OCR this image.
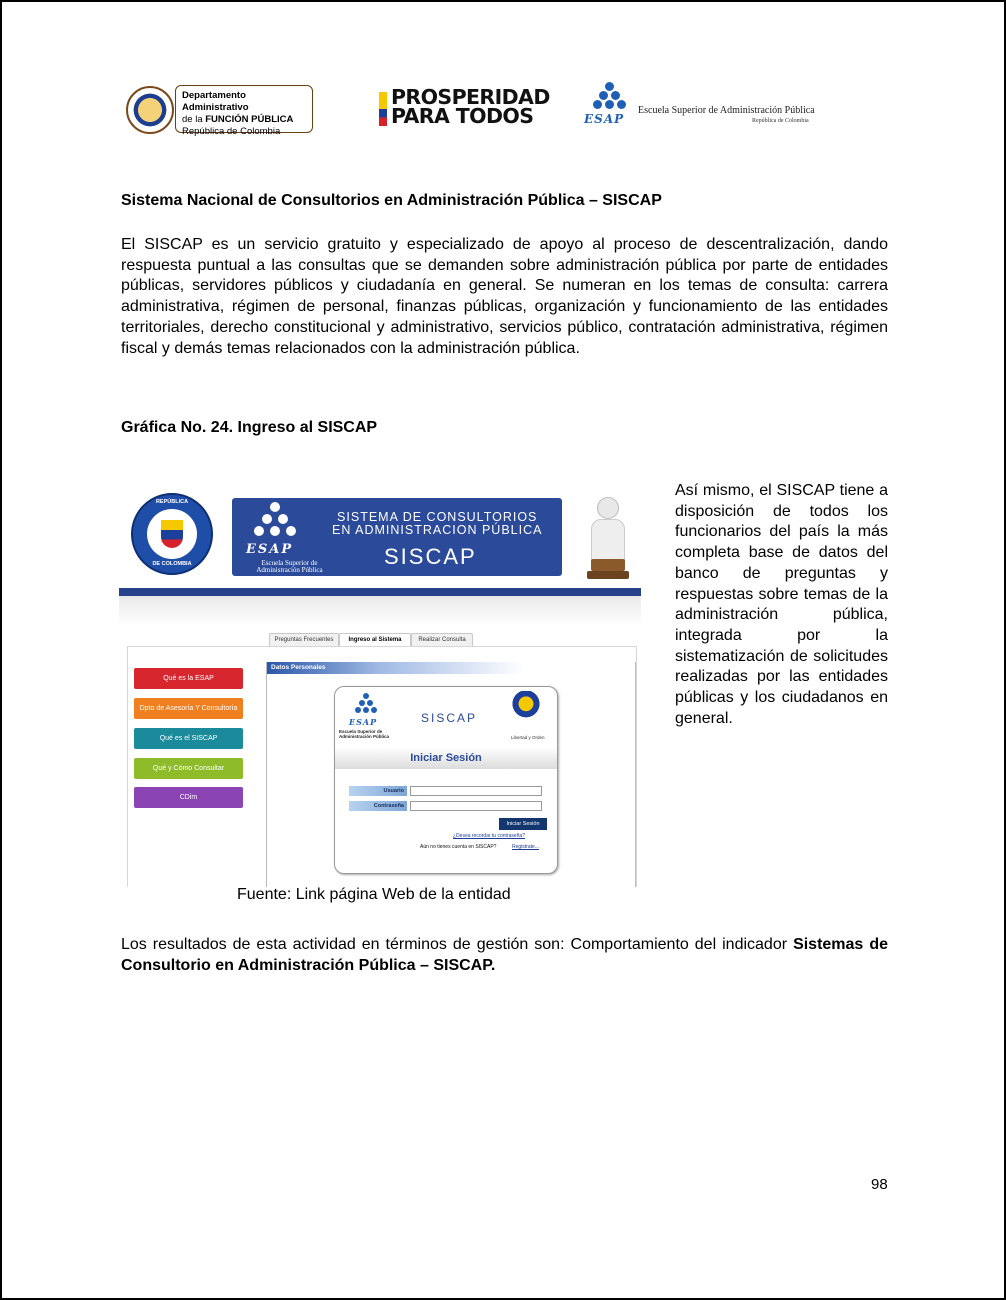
Departamento Administrativo
de la FUNCIÓN PÚBLICA
República de Colombia
PROSPERIDAD
PARA TODOS	ESAP
Escuela Superior de Administración Pública
República de Colombia
Sistema Nacional de Consultorios en Administración Pública – SISCAP
El SISCAP es un servicio gratuito y especializado de apoyo al proceso de descentralización, dando respuesta puntual a las consultas que se demanden sobre administración pública por parte de entidades públicas, servidores públicos y ciudadanía en general. Se numeran en los temas de consulta: carrera administrativa, régimen de personal, finanzas públicas, organización y funcionamiento de las entidades territoriales, derecho constitucional y administrativo, servicios público, contratación administrativa, régimen fiscal y demás temas relacionados con la administración pública.
Gráfica No. 24. Ingreso al SISCAP
REPÚBLICA
DE COLOMBIA
ESAP
Escuela Superior de
Administración Pública
SISTEMA DE CONSULTORIOS
EN ADMINISTRACION PÚBLICA
SISCAP
Preguntas Frecuentes	Ingreso al Sistema	Realizar Consulta
Qué es la ESAP
Dpto de Asesoría Y Consultoría
Qué es el SISCAP
Qué y Cómo Consultar
CDim
Datos Personales
ESAP
Escuela Superior de
Administración Pública
SISCAP
Libertad y Orden
Iniciar Sesión
Usuario
Contraseña
Iniciar Sesión
¿Desea recordar tu contraseña?
Aún no tienes cuenta en SISCAP?	Registrate...
Así mismo, el SISCAP tiene a disposición de todos los funcionarios del país la más completa base de datos del banco de preguntas y respuestas sobre temas de la administración pública, integrada por la sistematización de solicitudes realizadas por las entidades públicas y los ciudadanos en general.
Fuente: Link página Web de la entidad
Los resultados de esta actividad en términos de gestión son: Comportamiento del indicador Sistemas de Consultorio en Administración Pública – SISCAP.
98
